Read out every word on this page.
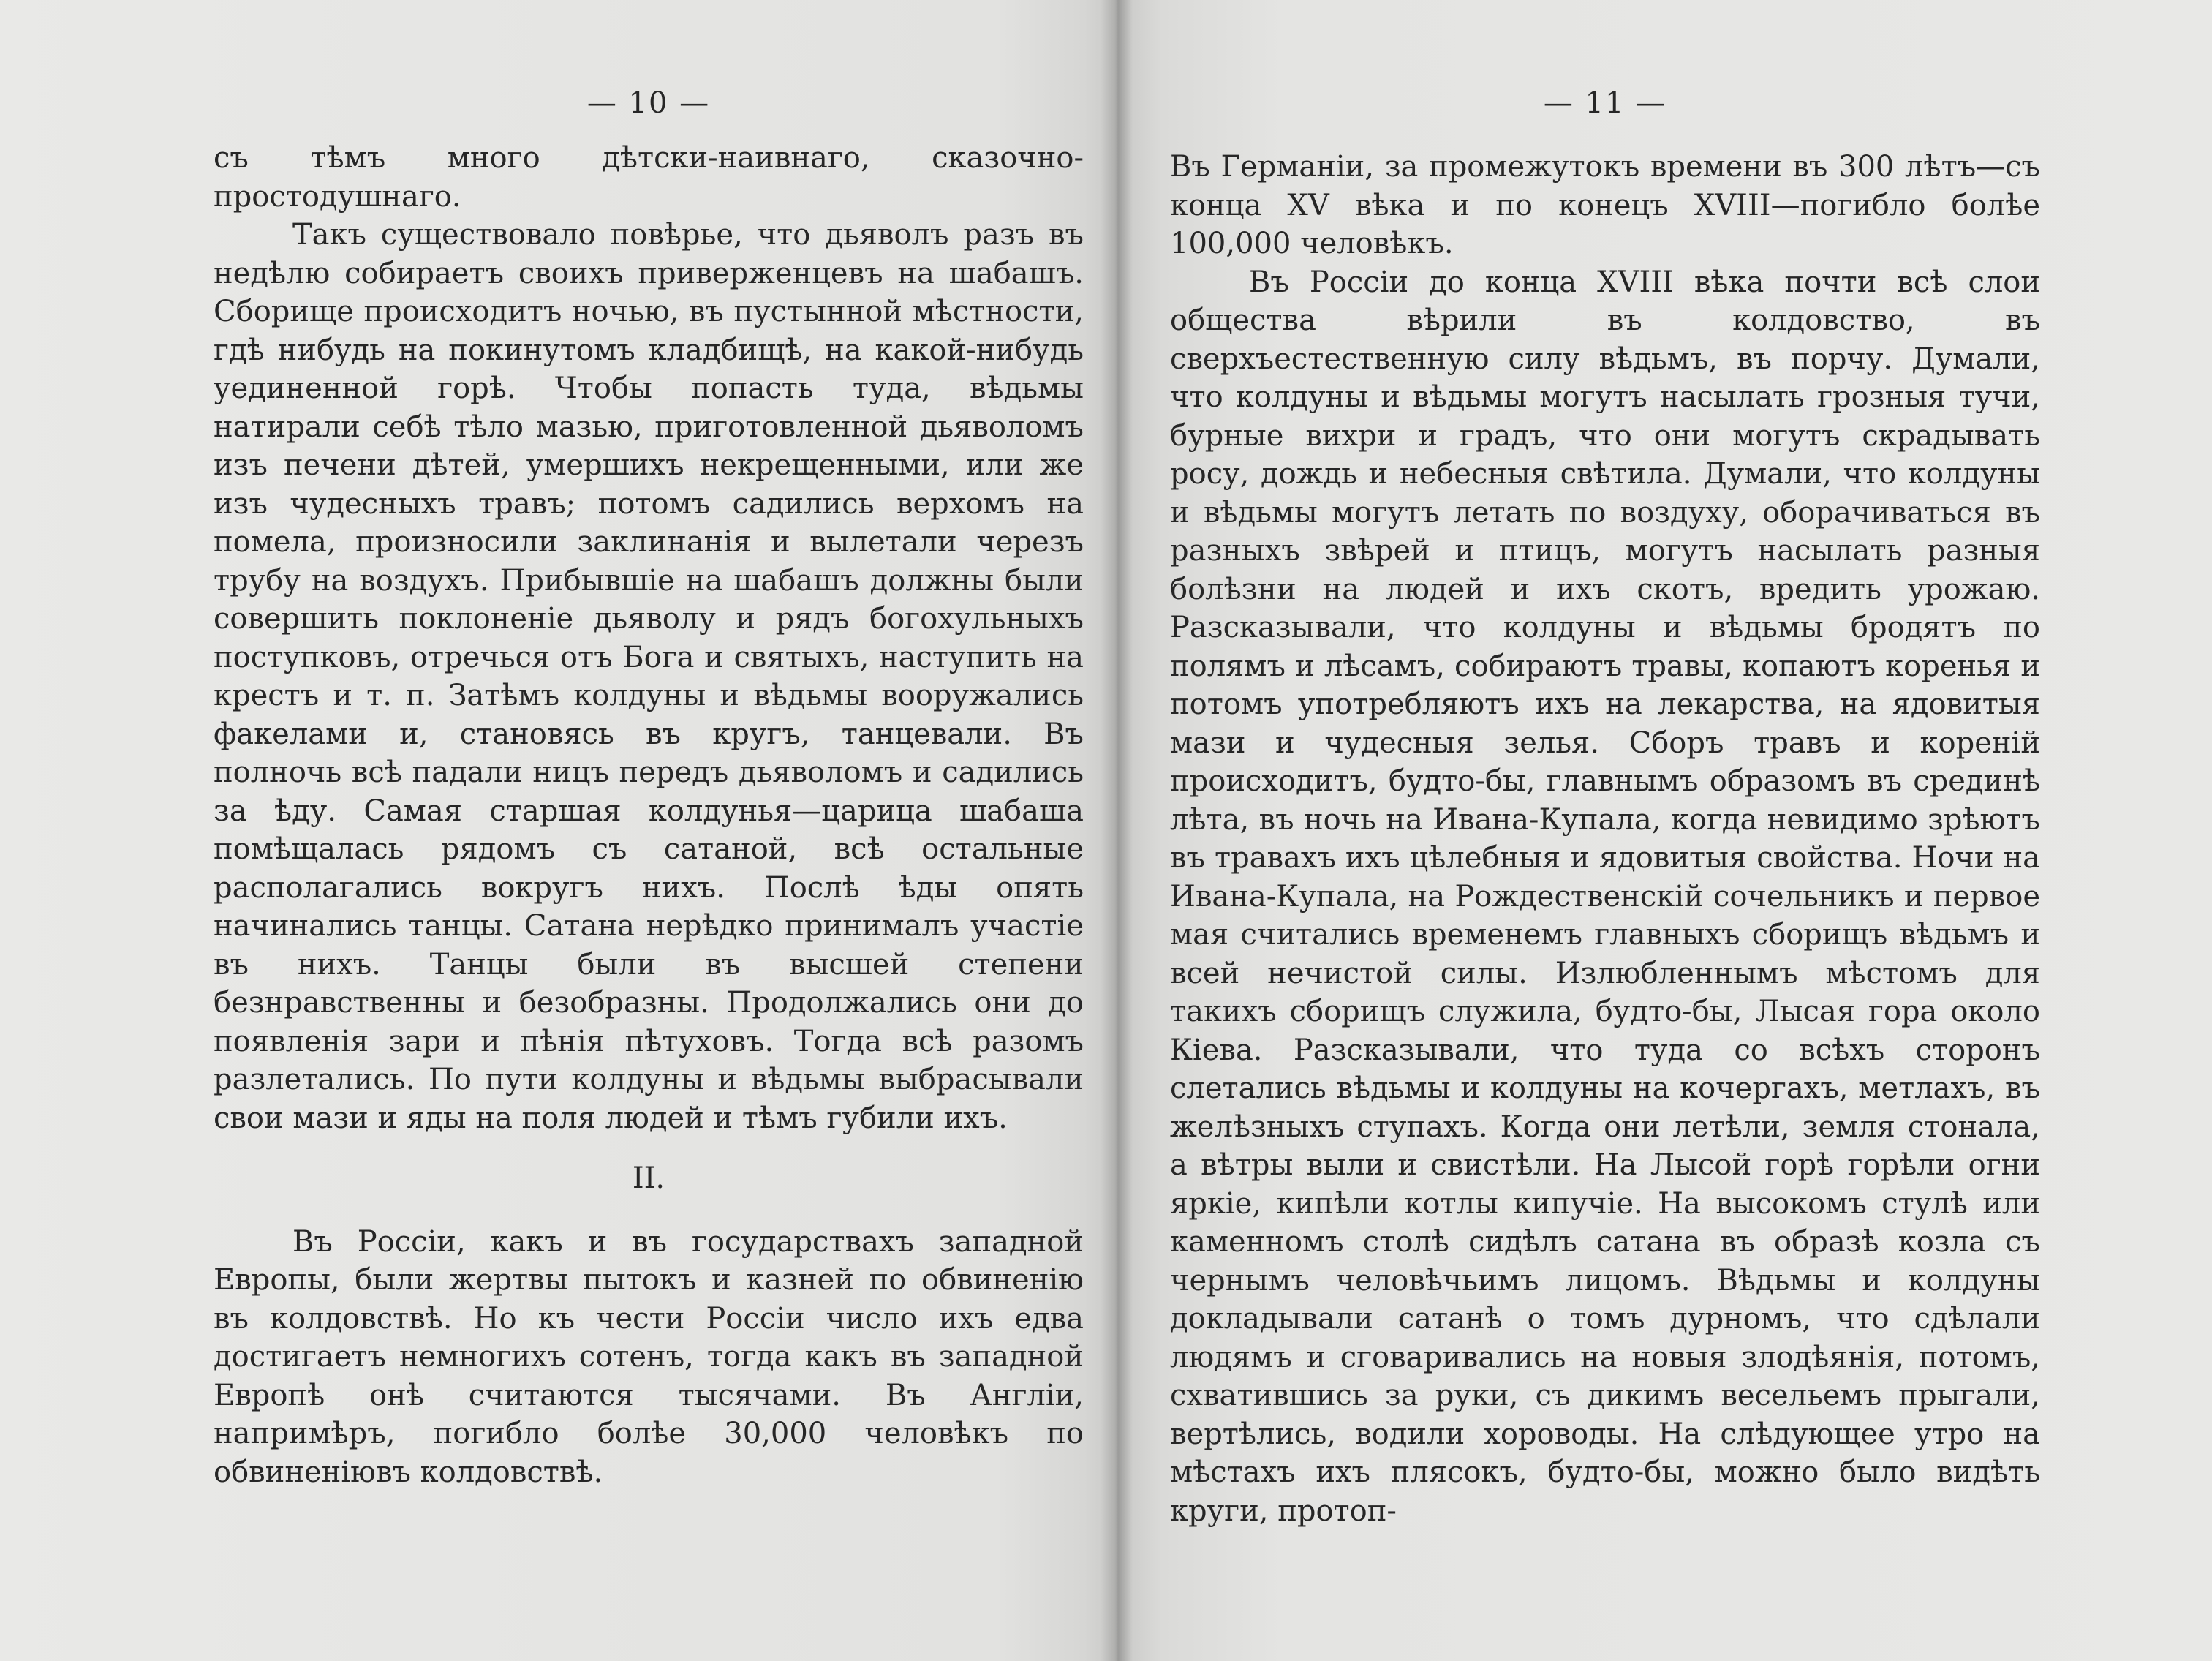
— 10 —

съ тѣмъ много дѣтски-наивнаго, сказочно-простодушнаго.

Такъ существовало повѣрье, что дьяволъ разъ въ недѣлю собираетъ своихъ приверженцевъ на шабашъ. Сборище происходитъ ночью, въ пустынной мѣстности, гдѣ нибудь на покинутомъ кладбищѣ, на какой-нибудь уединенной горѣ. Чтобы попасть туда, вѣдьмы натирали себѣ тѣло мазью, приготовленной дьяволомъ изъ печени дѣтей, умершихъ некрещенными, или же изъ чудесныхъ травъ; потомъ садились верхомъ на помела, произносили заклинанія и вылетали черезъ трубу на воздухъ. Прибывшіе на шабашъ должны были совершить поклоненіе дьяволу и рядъ богохульныхъ поступковъ, отречься отъ Бога и святыхъ, наступить на крестъ и т. п. Затѣмъ колдуны и вѣдьмы вооружались факелами и, становясь въ кругъ, танцевали. Въ полночь всѣ падали ницъ передъ дьяволомъ и садились за ѣду. Самая старшая колдунья—царица шабаша помѣщалась рядомъ съ сатаной, всѣ остальные располагались вокругъ нихъ. Послѣ ѣды опять начинались танцы. Сатана нерѣдко принималъ участіе въ нихъ. Танцы были въ высшей степени безнравственны и безобразны. Продолжались они до появленія зари и пѣнія пѣтуховъ. Тогда всѣ разомъ разлетались. По пути колдуны и вѣдьмы выбрасывали свои мази и яды на поля людей и тѣмъ губили ихъ.

II.

Въ Россіи, какъ и въ государствахъ западной Европы, были жертвы пытокъ и казней по обвиненію въ колдовствѣ. Но къ чести Россіи число ихъ едва достигаетъ немногихъ сотенъ, тогда какъ въ западной Европѣ онѣ считаются тысячами. Въ Англіи, напримѣръ, погибло болѣе 30,000 человѣкъ по обвиненіювъ колдовствѣ.

— 11 —

Въ Германіи, за промежутокъ времени въ 300 лѣтъ—съ конца XV вѣка и по конецъ XVIII—погибло болѣе 100,000 человѣкъ.

Въ Россіи до конца XVIII вѣка почти всѣ слои общества вѣрили въ колдовство, въ сверхъестественную силу вѣдьмъ, въ порчу. Думали, что колдуны и вѣдьмы могутъ насылать грозныя тучи, бурные вихри и градъ, что они могутъ скрадывать росу, дождь и небесныя свѣтила. Думали, что колдуны и вѣдьмы могутъ летать по воздуху, оборачиваться въ разныхъ звѣрей и птицъ, могутъ насылать разныя болѣзни на людей и ихъ скотъ, вредить урожаю. Разсказывали, что колдуны и вѣдьмы бродятъ по полямъ и лѣсамъ, собираютъ травы, копаютъ коренья и потомъ употребляютъ ихъ на лекарства, на ядовитыя мази и чудесныя зелья. Сборъ травъ и кореній происходитъ, будто-бы, главнымъ образомъ въ срединѣ лѣта, въ ночь на Ивана-Купала, когда невидимо зрѣютъ въ травахъ ихъ цѣлебныя и ядовитыя свойства. Ночи на Ивана-Купала, на Рождественскій сочельникъ и первое мая считались временемъ главныхъ сборищъ вѣдьмъ и всей нечистой силы. Излюбленнымъ мѣстомъ для такихъ сборищъ служила, будто-бы, Лысая гора около Кіева. Разсказывали, что туда со всѣхъ сторонъ слетались вѣдьмы и колдуны на кочергахъ, метлахъ, въ желѣзныхъ ступахъ. Когда они летѣли, земля стонала, а вѣтры выли и свистѣли. На Лысой горѣ горѣли огни яркіе, кипѣли котлы кипучіе. На высокомъ стулѣ или каменномъ столѣ сидѣлъ сатана въ образѣ козла съ чернымъ человѣчьимъ лицомъ. Вѣдьмы и колдуны докладывали сатанѣ о томъ дурномъ, что сдѣлали людямъ и сговаривались на новыя злодѣянія, потомъ, схватившись за руки, съ дикимъ весельемъ прыгали, вертѣлись, водили хороводы. На слѣдующее утро на мѣстахъ ихъ плясокъ, будто-бы, можно было видѣть круги, протоп-
